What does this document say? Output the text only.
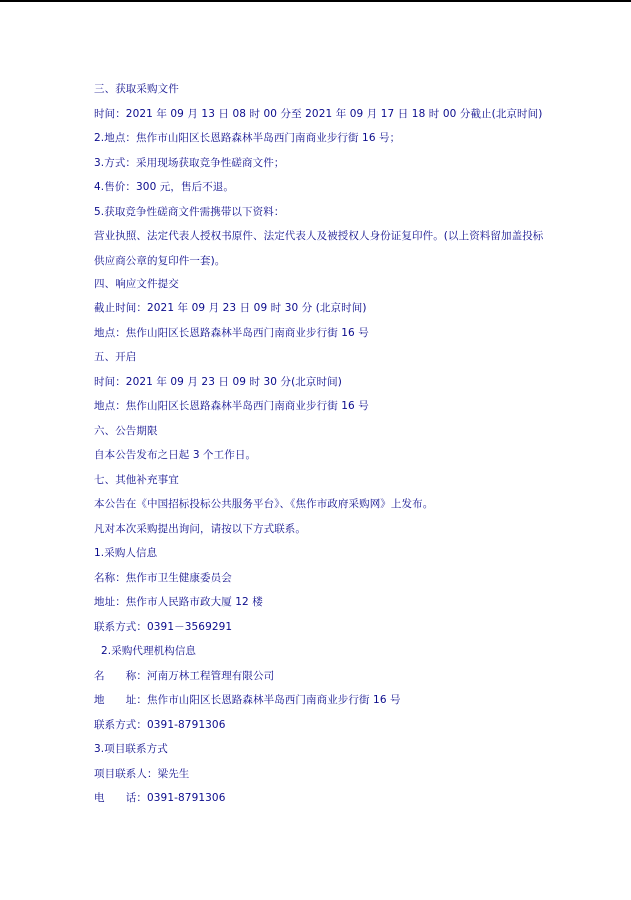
三、获取采购文件
时间：2021 年 09 月 13 日 08 时 00 分至 2021 年 09 月 17 日 18 时 00 分截止(北京时间)
2.地点：焦作市山阳区长恩路森林半岛西门南商业步行街 16 号；
3.方式：采用现场获取竞争性磋商文件；
4.售价：300 元，售后不退。
5.获取竞争性磋商文件需携带以下资料：
营业执照、法定代表人授权书原件、法定代表人及被授权人身份证复印件。(以上资料留加盖投标供应商公章的复印件一套)。
四、响应文件提交
截止时间：2021 年 09 月 23 日 09 时 30 分 (北京时间)
地点：焦作山阳区长恩路森林半岛西门南商业步行街 16 号
五、开启
时间：2021 年 09 月 23 日 09 时 30 分(北京时间)
地点：焦作山阳区长恩路森林半岛西门南商业步行街 16 号
六、公告期限
自本公告发布之日起 3 个工作日。
七、其他补充事宜
本公告在《中国招标投标公共服务平台》、《焦作市政府采购网》上发布。
凡对本次采购提出询问，请按以下方式联系。
1.采购人信息
名称：焦作市卫生健康委员会
地址：焦作市人民路市政大厦 12 楼
联系方式：0391－3569291
2.采购代理机构信息
名　　称：河南万林工程管理有限公司
地　　址：焦作市山阳区长恩路森林半岛西门南商业步行街 16 号
联系方式：0391-8791306
3.项目联系方式
项目联系人：梁先生
电　　话：0391-8791306
